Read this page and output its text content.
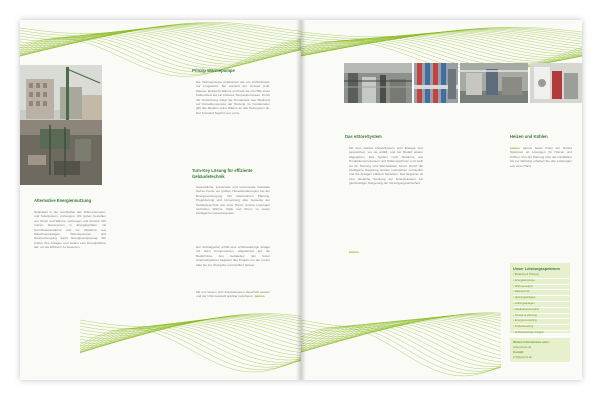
Alternative Energiennutzung
Solardach in der unmittelbar den Wärmepumpen- und Solarsystem, vorbeugen. Wir gehen bestehen von Strom und Wärme, vorbeugen und Umwelt. Wir nutzen Ressourcen in Energiegrößen mit Grundwasserwärme und zur Abwärme aus Maschinenanlagen, Wärmepumpen und Stromerzeugung durch Energieeinsparung. Wir prüfen Ihre Anlagen und stellen eine Energiebilanz dar, um die Effizienz zu bewerten.
Prinzip Wärmepumpe
Die Wärmepumpe funktioniert wie ein Kühlschrank, nur umgekehrt. Sie entzieht der Umwelt (Luft, Wasser, Erdreich) Wärme und hebt sie mit Hilfe eines Kältemittels auf ein höheres Temperaturniveau. Durch die Verdichtung steigt die Temperatur des Mediums auf Vorlauftemperatur der Heizung. Im Kondensator gibt das Medium seine Wärme an das Heizsystem ab. Der Kreislauf beginnt von vorne.
Turn-Key Lösung für effiziente Gebäudetechnik
Gewerbliche, industrielle und kommunale Gebäude stehen heute vor großen Herausforderungen bei der Energieversorgung. Wir übernehmen Planung, Projektierung und Umsetzung aller Gewerke der Gebäudetechnik aus einer Hand. Unsere Lösungen verbinden Wärme, Kälte und Strom zu einem intelligenten Gesamtsystem.
Der Auftraggeber erhält eine schlüsselfertige Anlage mit allen Komponenten, abgestimmt auf die Bedürfnisse des Gebäudes. Ein fester Ansprechpartner begleitet das Projekt von der ersten Idee bis zur Übergabe und darüber hinaus.
Mit uns lassen sich Energiekosten dauerhaft senken und der CO2-Ausstoß spürbar reduzieren. pamus
Das eStoreSystem
Mit dem pamus eStoreSystem wird Energie dort gespeichert, wo sie anfällt, und bei Bedarf wieder abgegeben. Das System nutzt Abwärme aus Produktionsprozessen und Kältemaschinen und stellt sie für Heizung und Warmwasser bereit. Durch die intelligente Regelung werden Lastspitzen vermieden und die Anlagen effizient betrieben. Das Ergebnis ist eine deutliche Senkung der Energiekosten bei gleichzeitiger Steigerung der Versorgungssicherheit.
pamus
Heizen und Kühlen
pamus pamus bietet Ihnen ein breites Spektrum an Lösungen für Heizen und Kühlen. Von der Planung über die Installation bis zur Wartung erhalten Sie alle Leistungen aus einer Hand.
Unser Leistungsspektrum
• Beratung & Planung
• Energiekonzepte
• Wärmepumpen
• Kältetechnik
• Heizungsanlagen
• Lüftungsanlagen
• Gebäudeautomation
• Service & Wartung
• Energiemonitoring
• Förderberatung
• Schlüsselfertige Anlagen
Weitere Informationen unter:
www.pamus.de
Kontakt:
info@pamus.de
